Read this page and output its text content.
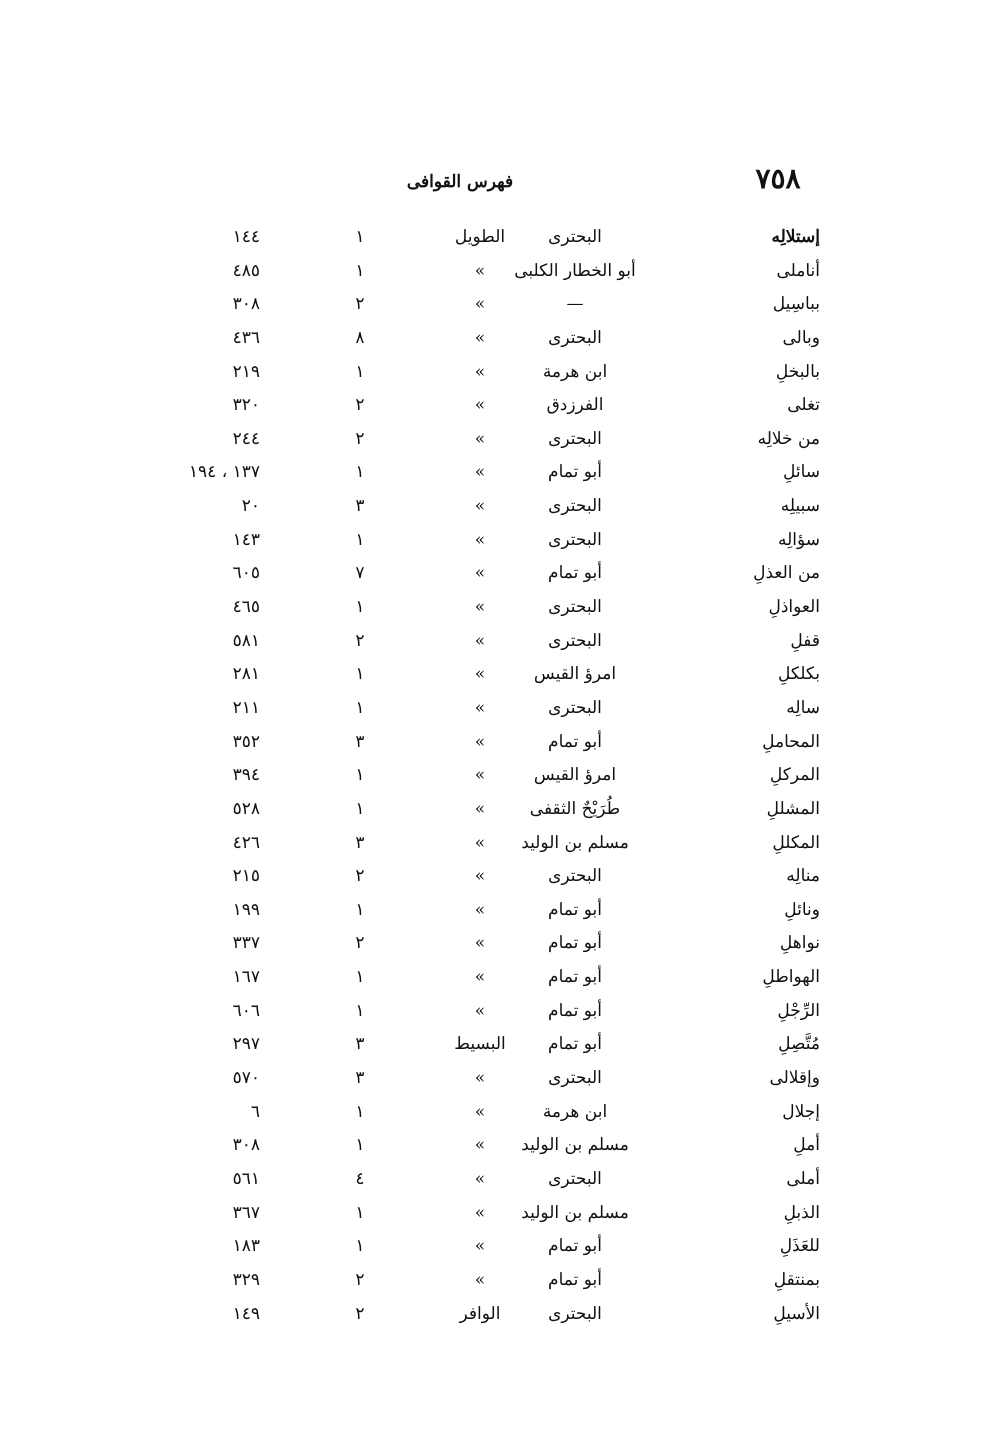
٧٥٨
فهرس القوافى
إستلالِه
البحترى
الطويل
١
١٤٤
أناملى
أبو الخطار الكلبى
»
١
٤٨٥
بباسِيل
—
»
٢
٣٠٨
وبالى
البحترى
»
٨
٤٣٦
بالبخلِ
ابن هرمة
»
١
٢١٩
تغلى
الفرزدق
»
٢
٣٢٠
من خلالِه
البحترى
»
٢
٢٤٤
سائلِ
أبو تمام
»
١
١٣٧ ، ١٩٤
سبيلِه
البحترى
»
٣
٢٠
سؤالِه
البحترى
»
١
١٤٣
من العذلِ
أبو تمام
»
٧
٦٠٥
العواذلِ
البحترى
»
١
٤٦٥
قفلِ
البحترى
»
٢
٥٨١
بكلكلِ
امرؤ القيس
»
١
٢٨١
سالِه
البحترى
»
١
٢١١
المحاملِ
أبو تمام
»
٣
٣٥٢
المركلِ
امرؤ القيس
»
١
٣٩٤
المشللِ
طُرَيْحٌ الثقفى
»
١
٥٢٨
المكللِ
مسلم بن الوليد
»
٣
٤٢٦
منالِه
البحترى
»
٢
٢١٥
ونائلِ
أبو تمام
»
١
١٩٩
نواهلِ
أبو تمام
»
٢
٣٣٧
الهواطلِ
أبو تمام
»
١
١٦٧
الرِّجْلِ
أبو تمام
»
١
٦٠٦
مُتَّصِلِ
أبو تمام
البسيط
٣
٢٩٧
وإقلالى
البحترى
»
٣
٥٧٠
إجلال
ابن هرمة
»
١
٦
أملِ
مسلم بن الوليد
»
١
٣٠٨
أملى
البحترى
»
٤
٥٦١
الذبلِ
مسلم بن الوليد
»
١
٣٦٧
للعَذَلِ
أبو تمام
»
١
١٨٣
بمنتقلِ
أبو تمام
»
٢
٣٢٩
الأسيلِ
البحترى
الوافر
٢
١٤٩
